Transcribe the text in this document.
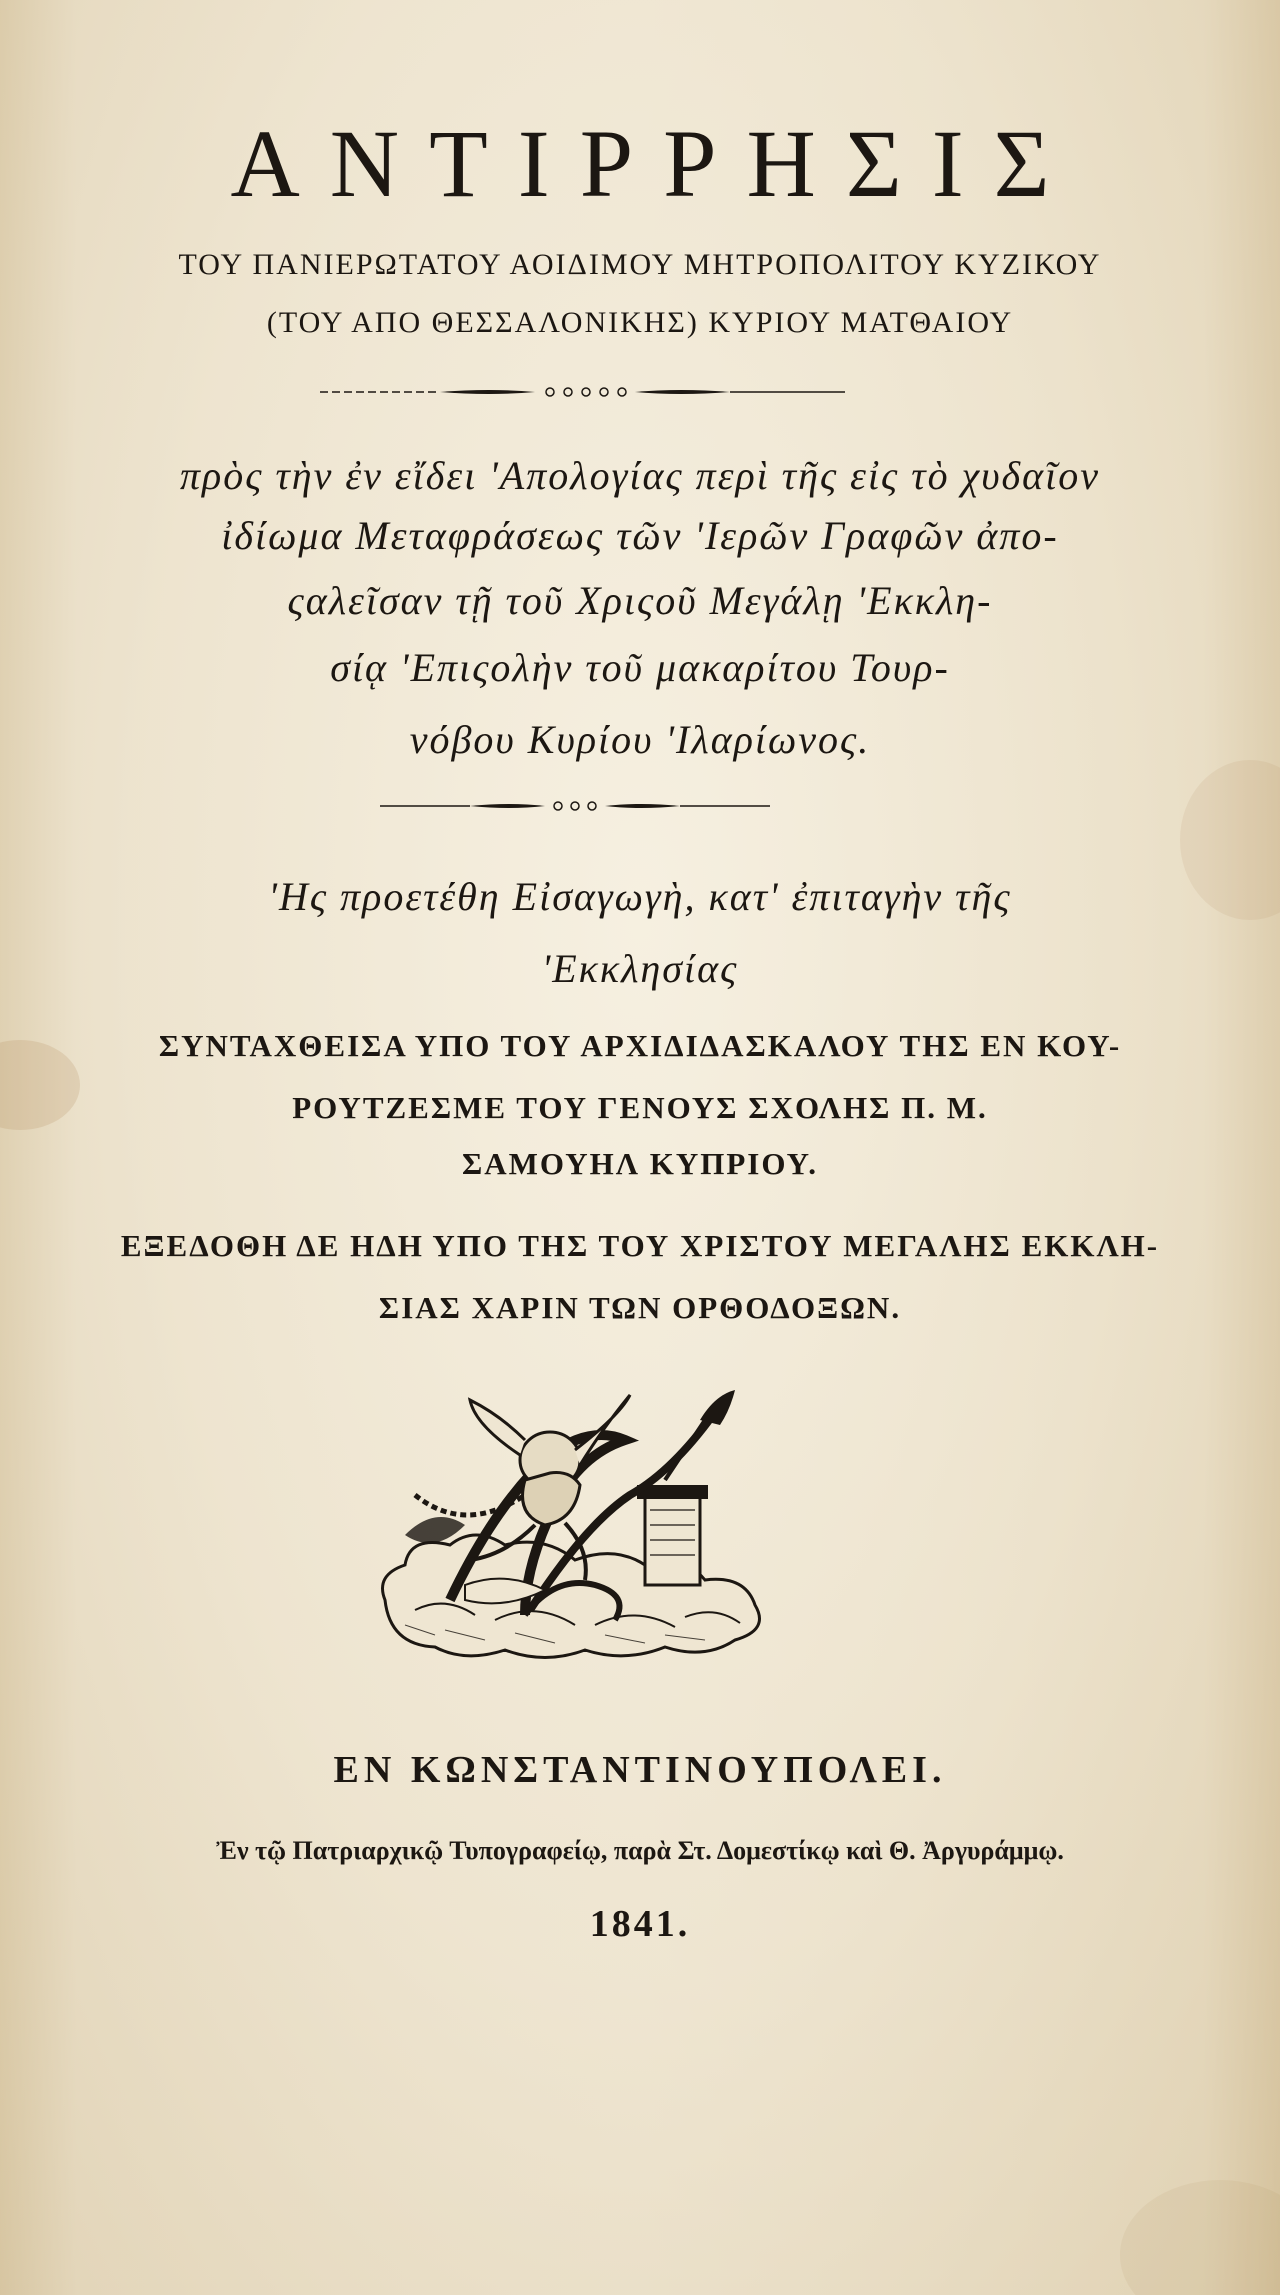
ΑΝΤΙΡΡΗΣΙΣ

ΤΟΥ ΠΑΝΙΕΡΩΤΑΤΟΥ ΑΟΙΔΙΜΟΥ ΜΗΤΡΟΠΟΛΙΤΟΥ ΚΥΖΙΚΟΥ

(ΤΟΥ ΑΠΟ ΘΕΣΣΑΛΟΝΙΚΗΣ) ΚΥΡΙΟΥ ΜΑΤΘΑΙΟΥ

πρὸς τὴν ἐν εἴδει 'Απολογίας περὶ τῆς εἰς τὸ χυδαῖον

ἰδίωμα Μεταφράσεως τῶν 'Ιερῶν Γραφῶν ἀπο-

ςαλεῖσαν τῇ τοῦ Χριςοῦ Μεγάλῃ 'Εκκλη-

σίᾳ 'Επιςολὴν τοῦ μακαρίτου Τουρ-

νόβου Κυρίου 'Ιλαρίωνος.

'Ης προετέθη Εἰσαγωγὴ, κατ' ἐπιταγὴν τῆς

'Εκκλησίας

ΣΥΝΤΑΧΘΕΙΣΑ ΥΠΟ ΤΟΥ ΑΡΧΙΔΙΔΑΣΚΑΛΟΥ ΤΗΣ ΕΝ ΚΟΥ-

ΡΟΥΤΖΕΣΜΕ ΤΟΥ ΓΕΝΟΥΣ ΣΧΟΛΗΣ Π. Μ.

ΣΑΜΟΥΗΛ ΚΥΠΡΙΟΥ.

ΕΞΕΔΟΘΗ ΔΕ ΗΔΗ ΥΠΟ ΤΗΣ ΤΟΥ ΧΡΙΣΤΟΥ ΜΕΓΑΛΗΣ ΕΚΚΛΗ-

ΣΙΑΣ ΧΑΡΙΝ ΤΩΝ ΟΡΘΟΔΟΞΩΝ.

ΕΝ ΚΩΝΣΤΑΝΤΙΝΟΥΠΟΛΕΙ.

Ἐν τῷ Πατριαρχικῷ Τυπογραφείῳ, παρὰ Στ. Δομεστίκῳ καὶ Θ. Ἀργυράμμῳ.

1841.
